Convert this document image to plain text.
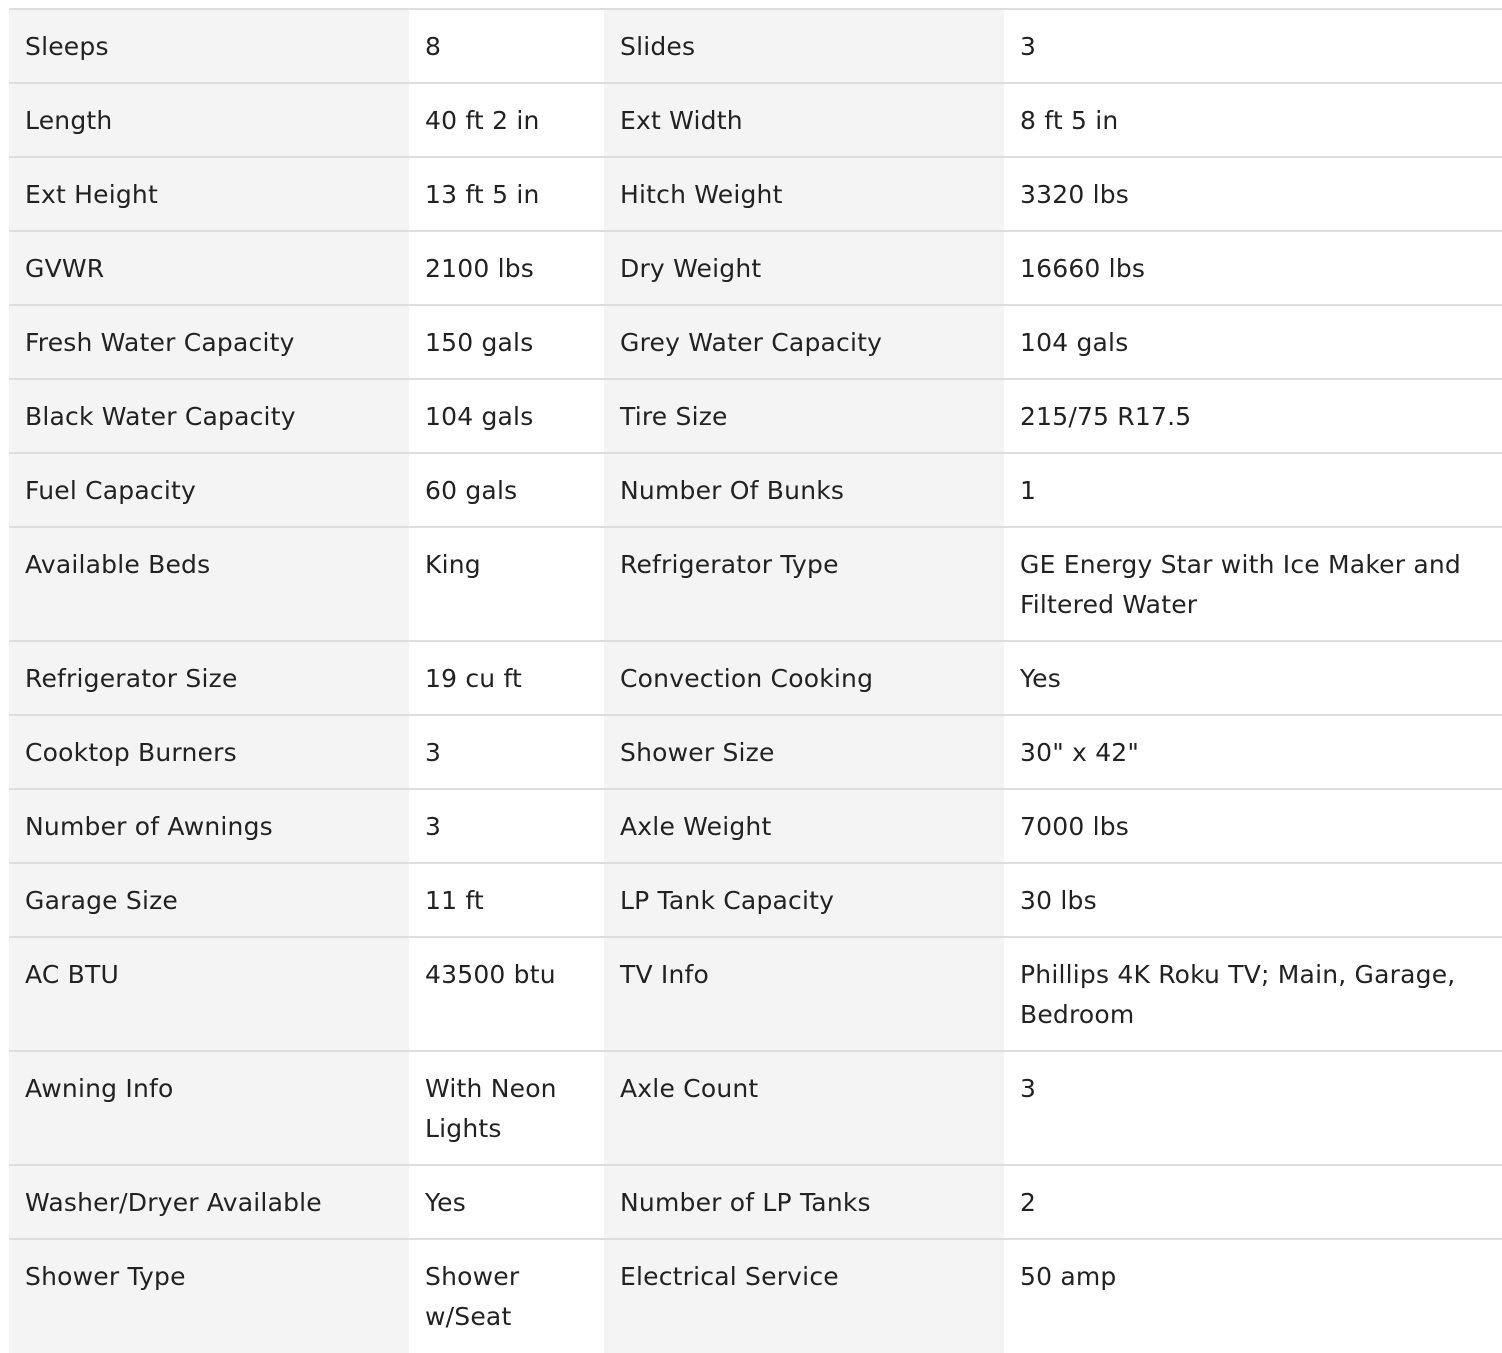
Sleeps	8	Slides	3
Length	40 ft 2 in	Ext Width	8 ft 5 in
Ext Height	13 ft 5 in	Hitch Weight	3320 lbs
GVWR	2100 lbs	Dry Weight	16660 lbs
Fresh Water Capacity	150 gals	Grey Water Capacity	104 gals
Black Water Capacity	104 gals	Tire Size	215/75 R17.5
Fuel Capacity	60 gals	Number Of Bunks	1
Available Beds	King	Refrigerator Type	GE Energy Star with Ice Maker and Filtered Water
Refrigerator Size	19 cu ft	Convection Cooking	Yes
Cooktop Burners	3	Shower Size	30" x 42"
Number of Awnings	3	Axle Weight	7000 lbs
Garage Size	11 ft	LP Tank Capacity	30 lbs
AC BTU	43500 btu	TV Info	Phillips 4K Roku TV; Main, Garage, Bedroom
Awning Info	With Neon Lights	Axle Count	3
Washer/Dryer Available	Yes	Number of LP Tanks	2
Shower Type	Shower w/Seat	Electrical Service	50 amp
